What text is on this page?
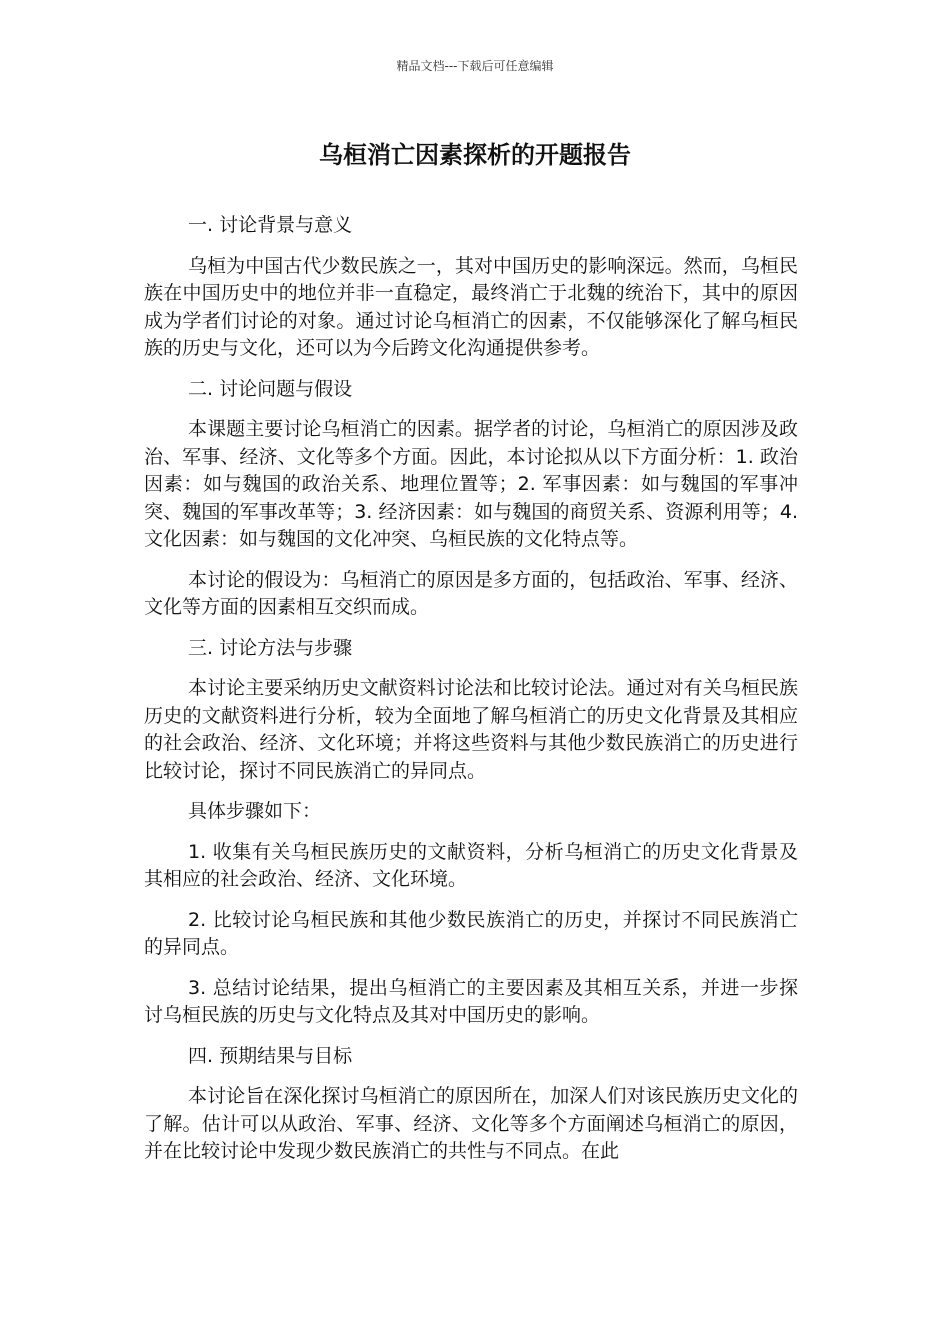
精品文档---下载后可任意编辑
乌桓消亡因素探析的开题报告

一. 讨论背景与意义

乌桓为中国古代少数民族之一，其对中国历史的影响深远。然而，乌桓民族在中国历史中的地位并非一直稳定，最终消亡于北魏的统治下，其中的原因成为学者们讨论的对象。通过讨论乌桓消亡的因素，不仅能够深化了解乌桓民族的历史与文化，还可以为今后跨文化沟通提供参考。

二. 讨论问题与假设

本课题主要讨论乌桓消亡的因素。据学者的讨论，乌桓消亡的原因涉及政治、军事、经济、文化等多个方面。因此，本讨论拟从以下方面分析：1. 政治因素：如与魏国的政治关系、地理位置等；2. 军事因素：如与魏国的军事冲突、魏国的军事改革等；3. 经济因素：如与魏国的商贸关系、资源利用等；4. 文化因素：如与魏国的文化冲突、乌桓民族的文化特点等。

本讨论的假设为：乌桓消亡的原因是多方面的，包括政治、军事、经济、文化等方面的因素相互交织而成。

三. 讨论方法与步骤

本讨论主要采纳历史文献资料讨论法和比较讨论法。通过对有关乌桓民族历史的文献资料进行分析，较为全面地了解乌桓消亡的历史文化背景及其相应的社会政治、经济、文化环境；并将这些资料与其他少数民族消亡的历史进行比较讨论，探讨不同民族消亡的异同点。

具体步骤如下：

1. 收集有关乌桓民族历史的文献资料，分析乌桓消亡的历史文化背景及其相应的社会政治、经济、文化环境。

2. 比较讨论乌桓民族和其他少数民族消亡的历史，并探讨不同民族消亡的异同点。

3. 总结讨论结果，提出乌桓消亡的主要因素及其相互关系，并进一步探讨乌桓民族的历史与文化特点及其对中国历史的影响。

四. 预期结果与目标

本讨论旨在深化探讨乌桓消亡的原因所在，加深人们对该民族历史文化的了解。估计可以从政治、军事、经济、文化等多个方面阐述乌桓消亡的原因，并在比较讨论中发现少数民族消亡的共性与不同点。在此
